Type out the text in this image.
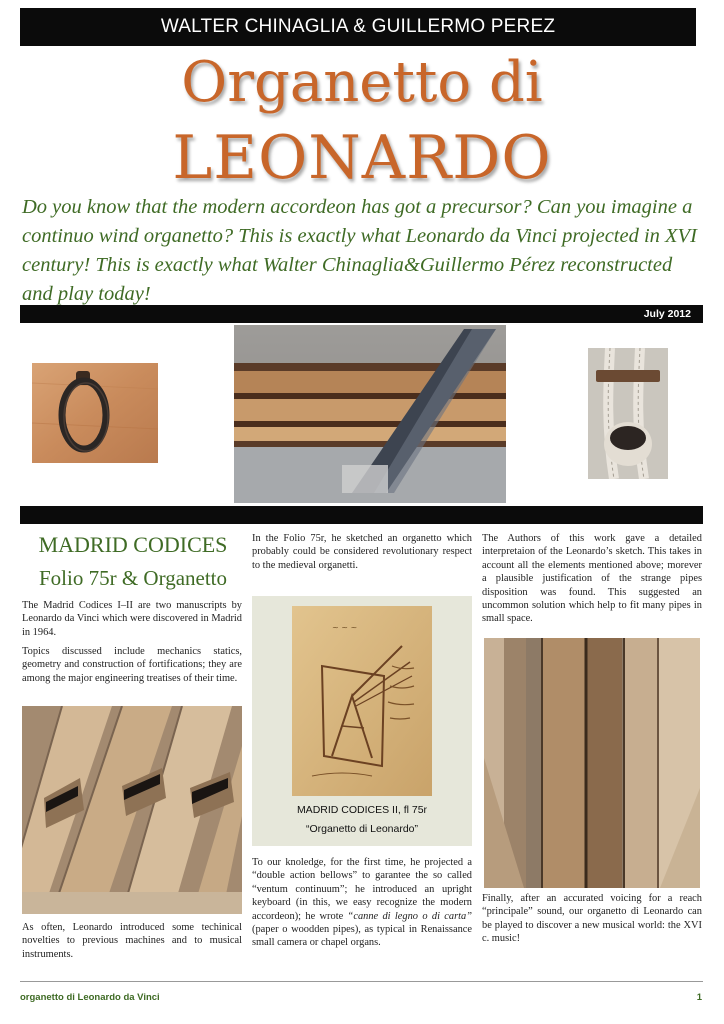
WALTER CHINAGLIA & GUILLERMO PEREZ
Organetto di
LEONARDO
Do you know that the modern accordeon has got a precursor? Can you imagine a continuo wind organetto? This is exactly what Leonardo da Vinci projected in XVI century! This is exactly what Walter Chinaglia&Guillermo Pérez reconstructed and play today!
July 2012
MADRID CODICES
Folio 75r & Organetto
The Madrid Codices I–II are two manuscripts by Leonardo da Vinci which were discovered in Madrid in 1964.
Topics discussed include mechanics statics, geometry and construction of fortifications; they are among the major engineering treatises of their time.
As often, Leonardo introduced some techinical novelties to previous machines and to musical instruments.
In the Folio 75r, he sketched an organetto which probably could be considered revolutionary respect to the medieval organetti.
~ ~ ~
MADRID CODICES II, fl 75r
“Organetto di Leonardo”
To our knoledge, for the first time, he projected a “double action bellows” to garantee the so called “ventum continuum”; he introduced an upright keyboard (in this, we easy recognize the modern accordeon); he wrote “canne di legno o di carta” (paper o woodden pipes), as typical in Renaissance small camera or chapel organs.
The Authors of this work gave a detailed interpretaion of the Leonardo’s sketch. This takes in account all the elements mentioned above; morever a plausible justification of the strange pipes disposition was found. This suggested an uncommon solution which help to fit many pipes in small space.
Finally, after an accurated voicing for a reach “principale” sound, our organetto di Leonardo can be played to discover a new musical world: the XVI c. music!
organetto di Leonardo da Vinci	1
